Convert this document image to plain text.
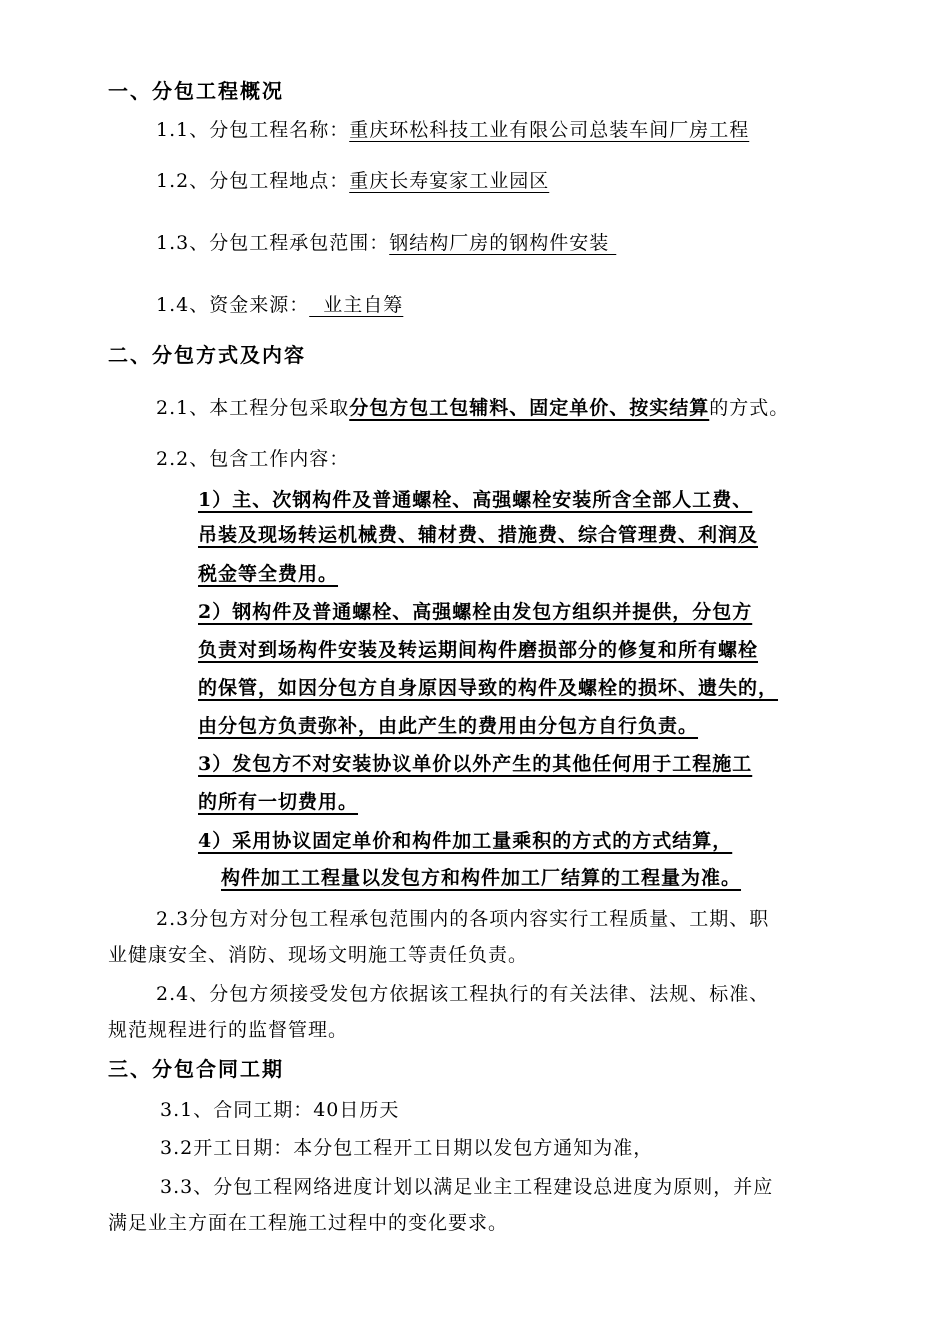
一、分包工程概况
1.1、分包工程名称：重庆环松科技工业有限公司总装车间厂房工程
1.2、分包工程地点：重庆长寿宴家工业园区
1.3、分包工程承包范围：钢结构厂房的钢构件安装
1.4、资金来源：  业主自筹
二、分包方式及内容
2.1、本工程分包采取分包方包工包辅料、固定单价、按实结算的方式。
2.2、包含工作内容：
1）主、次钢构件及普通螺栓、高强螺栓安装所含全部人工费、
吊装及现场转运机械费、辅材费、措施费、综合管理费、利润及
税金等全费用。
2）钢构件及普通螺栓、高强螺栓由发包方组织并提供，分包方
负责对到场构件安装及转运期间构件磨损部分的修复和所有螺栓
的保管，如因分包方自身原因导致的构件及螺栓的损坏、遗失的，
由分包方负责弥补，由此产生的费用由分包方自行负责。
3）发包方不对安装协议单价以外产生的其他任何用于工程施工
的所有一切费用。
4）采用协议固定单价和构件加工量乘积的方式的方式结算，
构件加工工程量以发包方和构件加工厂结算的工程量为准。
2.3分包方对分包工程承包范围内的各项内容实行工程质量、工期、职
业健康安全、消防、现场文明施工等责任负责。
2.4、分包方须接受发包方依据该工程执行的有关法律、法规、标准、
规范规程进行的监督管理。
三、分包合同工期
3.1、合同工期：40日历天
3.2开工日期：本分包工程开工日期以发包方通知为准，
3.3、分包工程网络进度计划以满足业主工程建设总进度为原则，并应
满足业主方面在工程施工过程中的变化要求。
